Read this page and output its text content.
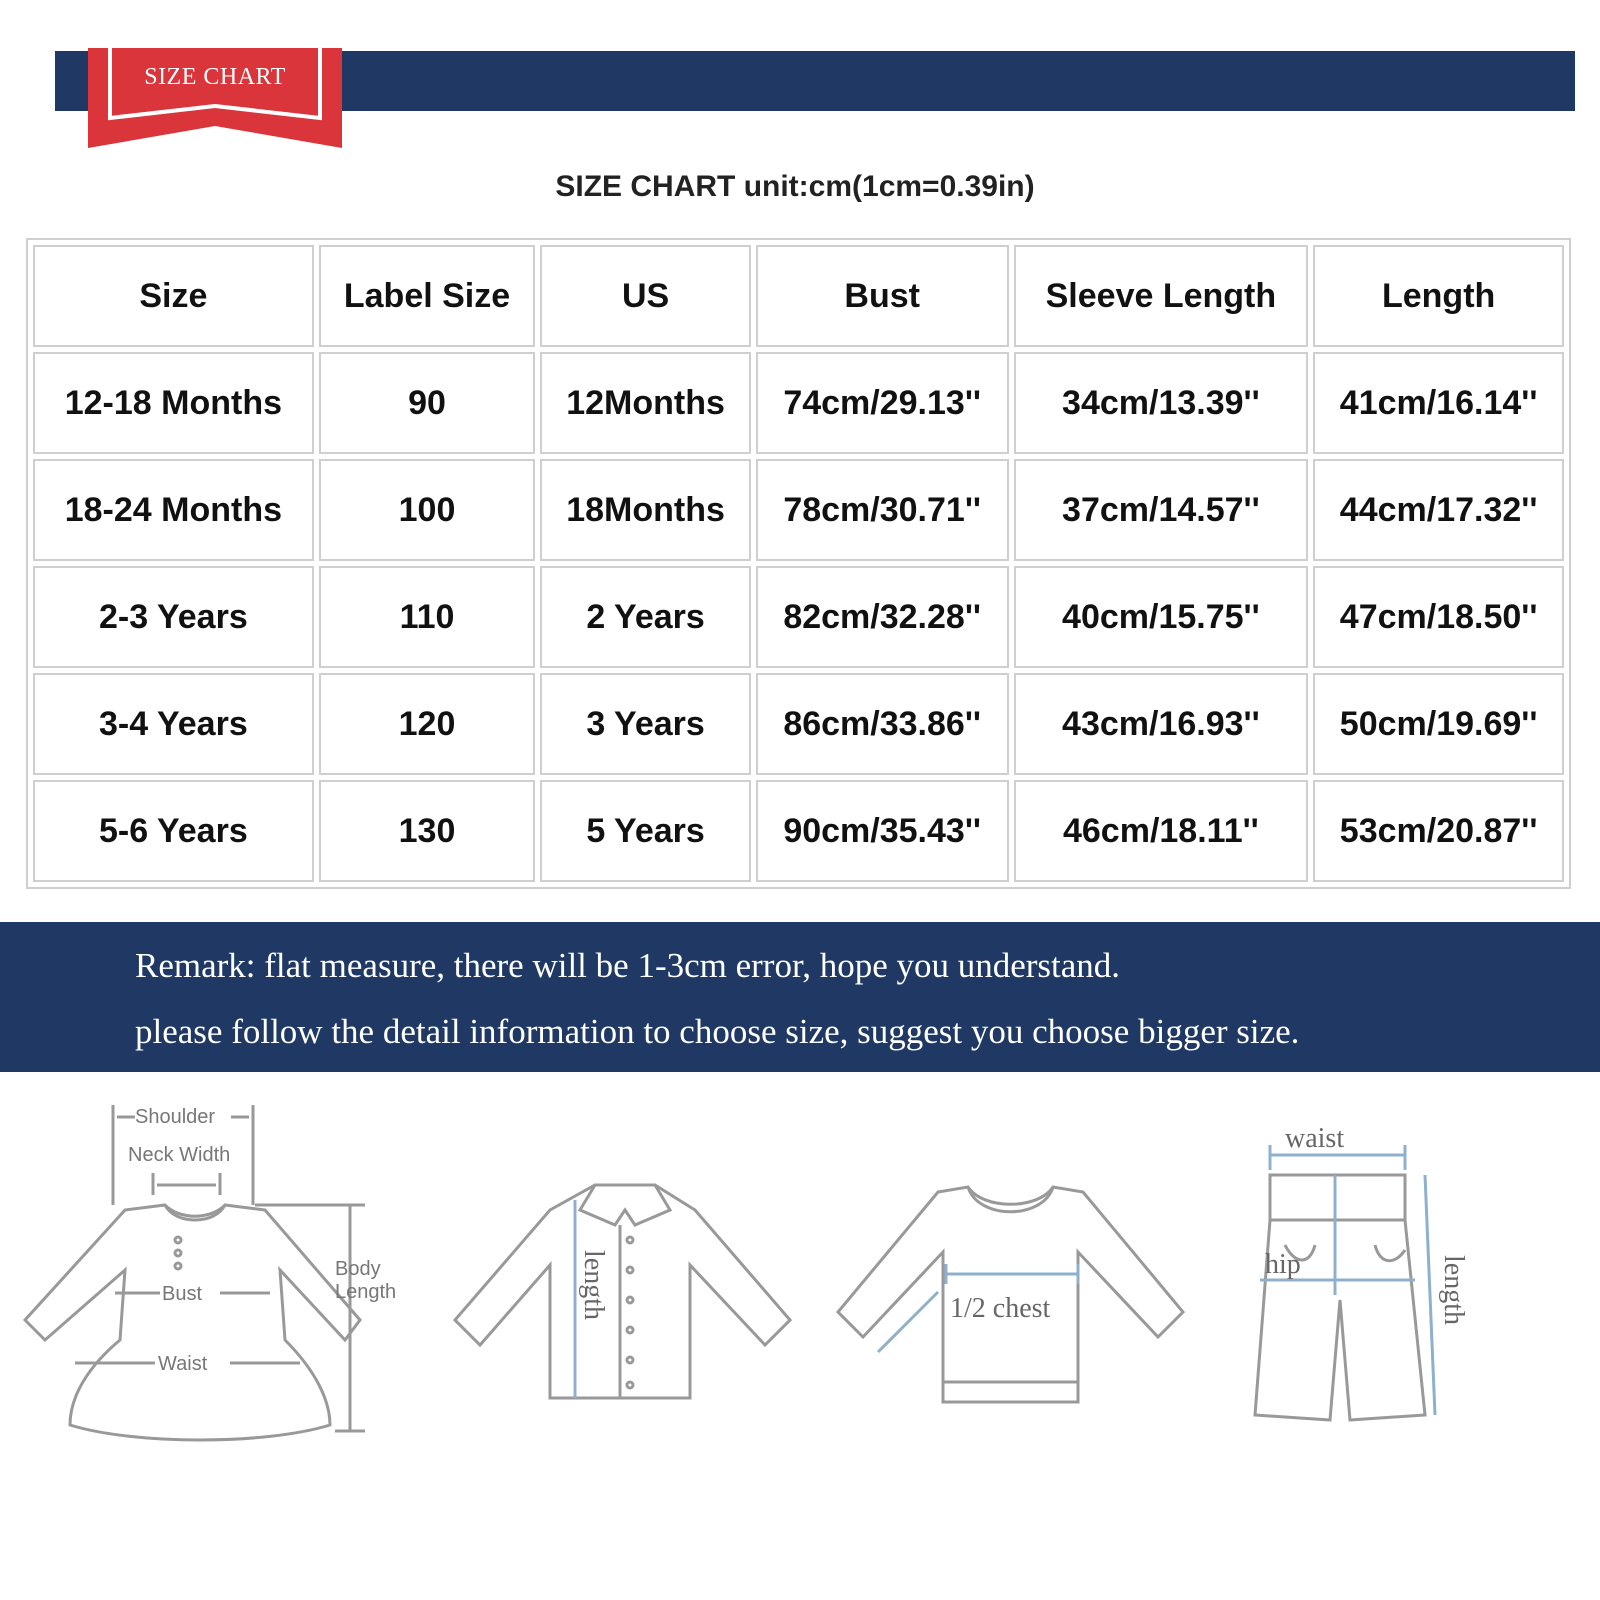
SIZE CHART
SIZE CHART unit:cm(1cm=0.39in)
Size	Label Size	US	Bust	Sleeve Length	Length
12-18 Months	90	12Months	74cm/29.13''	34cm/13.39''	41cm/16.14''
18-24 Months	100	18Months	78cm/30.71''	37cm/14.57''	44cm/17.32''
2-3 Years	110	2 Years	82cm/32.28''	40cm/15.75''	47cm/18.50''
3-4 Years	120	3 Years	86cm/33.86''	43cm/16.93''	50cm/19.69''
5-6 Years	130	5 Years	90cm/35.43''	46cm/18.11''	53cm/20.87''
Remark: flat measure, there will be 1-3cm error, hope you understand.
please follow the detail information to choose size, suggest you choose bigger size.
Shoulder
Neck Width
Bust
Waist
Body
Length	length	1/2 chest
waist
hip	length
